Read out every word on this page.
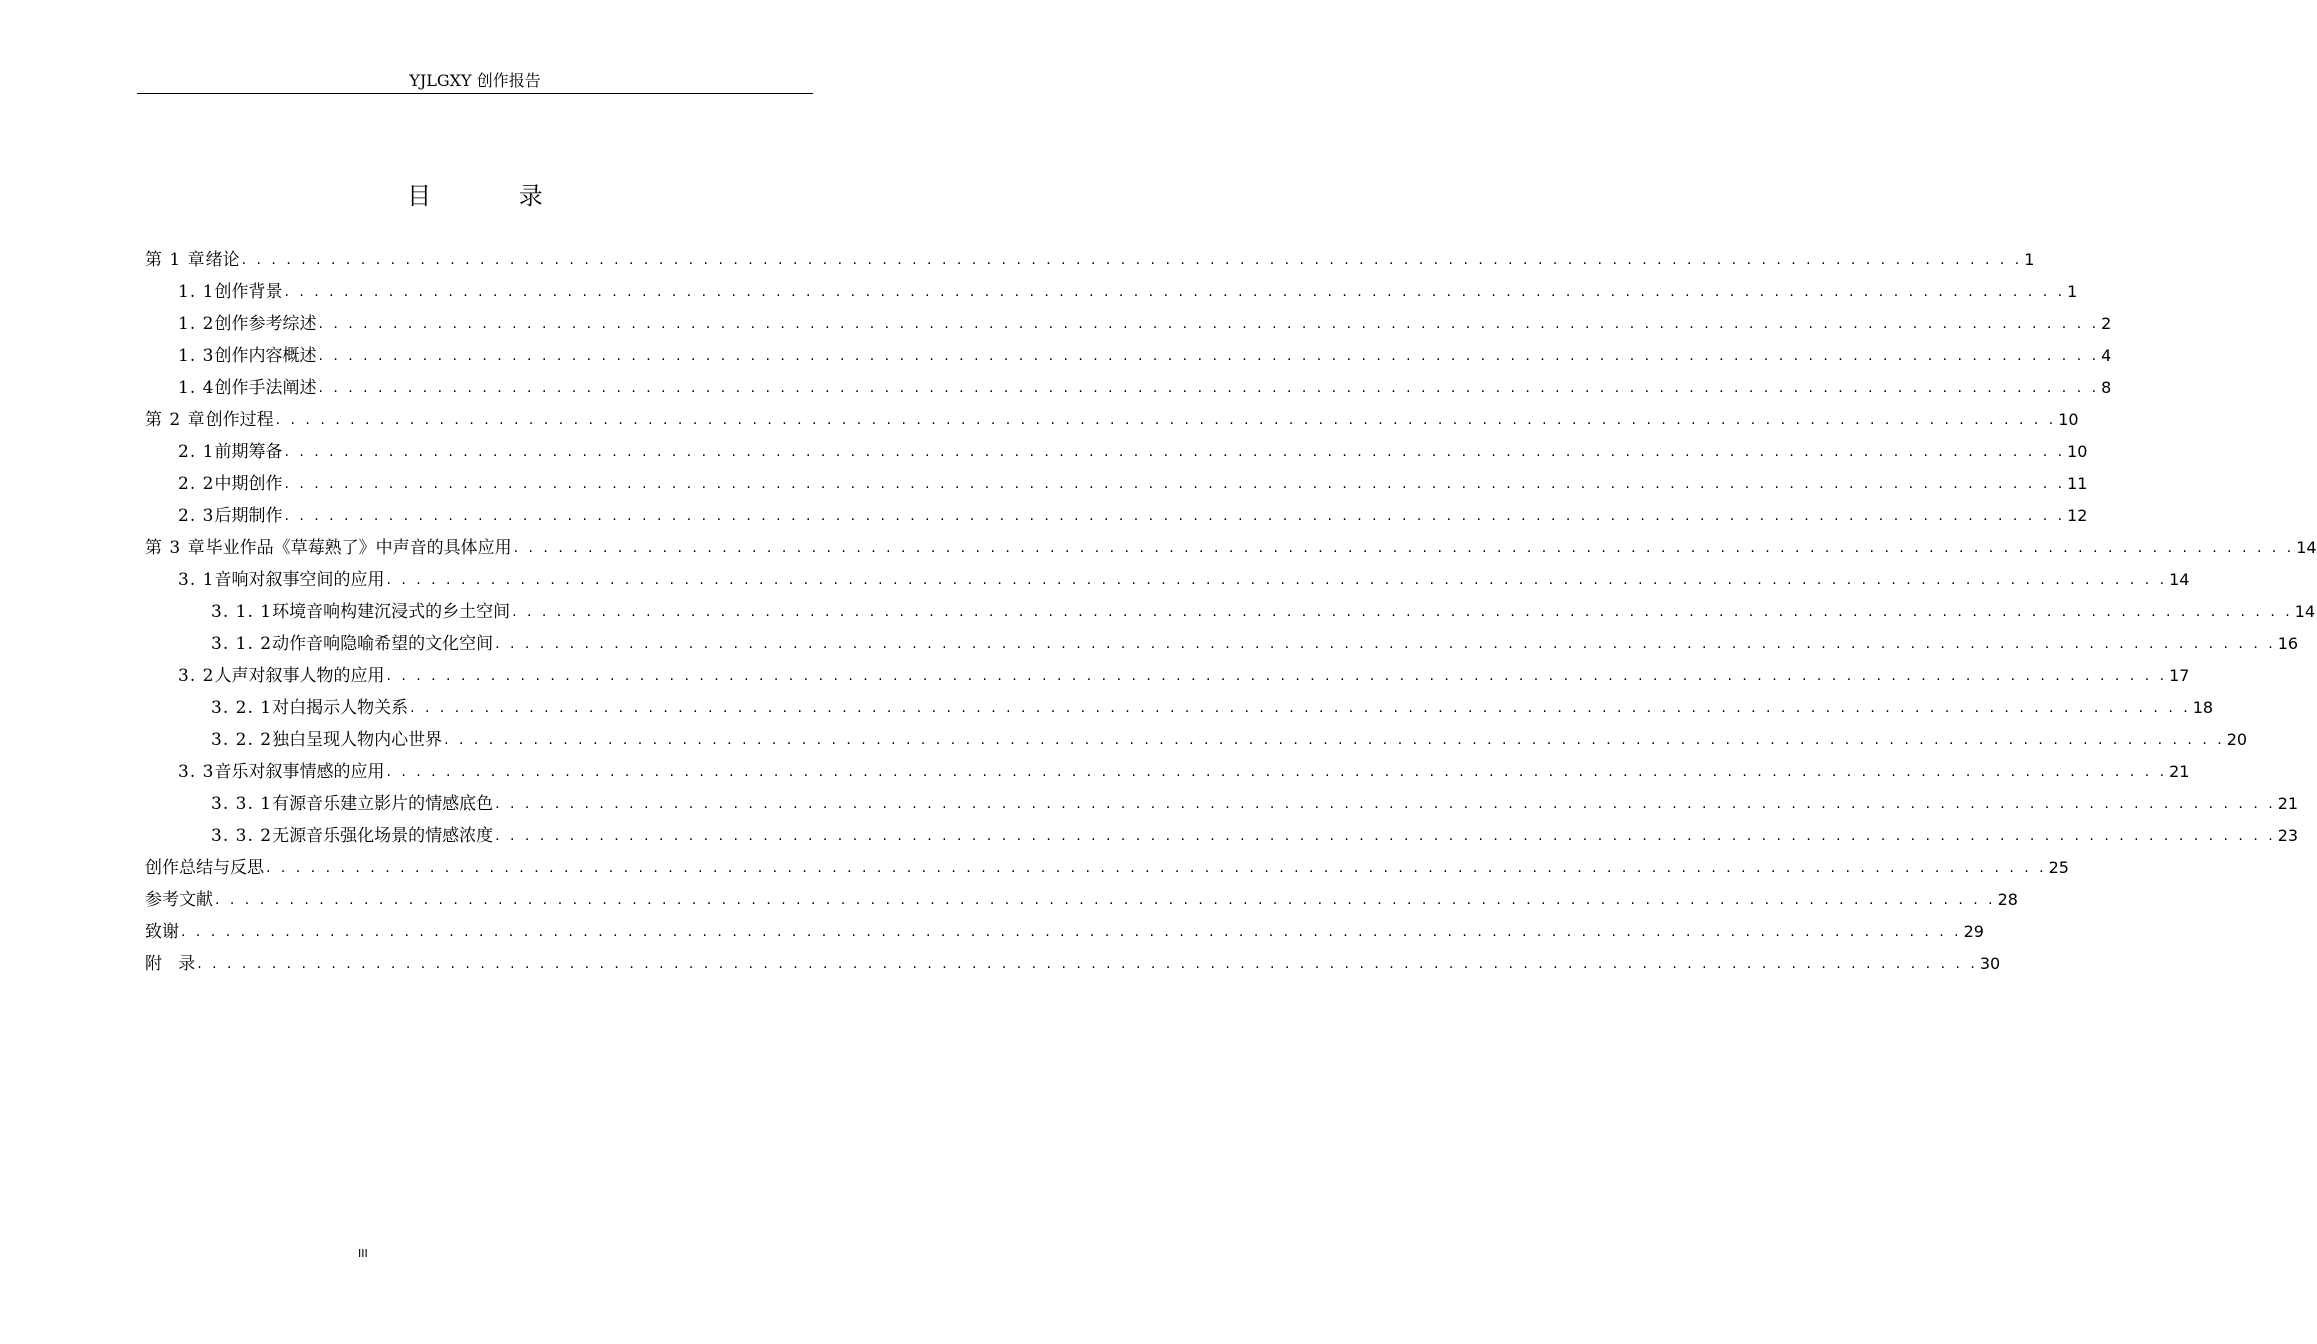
YJLGXY 创作报告
目 录
第 1 章 绪论 . . . . . . . . . . . . . . . . . . . . . . . . . . . . . . . . . . . . . . . . . . . . . . . . . . . . . . . . . . . . . . . . . . . . . . . . . . . . . . . . . . . . . . . . . . . . . . . . . . . . . . . . . . . . . . . . . . . . . . . . 1
1. 1 创作背景 . . . . . . . . . . . . . . . . . . . . . . . . . . . . . . . . . . . . . . . . . . . . . . . . . . . . . . . . . . . . . . . . . . . . . . . . . . . . . . . . . . . . . . . . . . . . . . . . . . . . . . . . . . . . . . . . . . . . . . . . 1
1. 2 创作参考综述 . . . . . . . . . . . . . . . . . . . . . . . . . . . . . . . . . . . . . . . . . . . . . . . . . . . . . . . . . . . . . . . . . . . . . . . . . . . . . . . . . . . . . . . . . . . . . . . . . . . . . . . . . . . . . . . . . . . . . . . . 2
1. 3 创作内容概述 . . . . . . . . . . . . . . . . . . . . . . . . . . . . . . . . . . . . . . . . . . . . . . . . . . . . . . . . . . . . . . . . . . . . . . . . . . . . . . . . . . . . . . . . . . . . . . . . . . . . . . . . . . . . . . . . . . . . . . . . 4
1. 4 创作手法阐述 . . . . . . . . . . . . . . . . . . . . . . . . . . . . . . . . . . . . . . . . . . . . . . . . . . . . . . . . . . . . . . . . . . . . . . . . . . . . . . . . . . . . . . . . . . . . . . . . . . . . . . . . . . . . . . . . . . . . . . . . 8
第 2 章 创作过程 . . . . . . . . . . . . . . . . . . . . . . . . . . . . . . . . . . . . . . . . . . . . . . . . . . . . . . . . . . . . . . . . . . . . . . . . . . . . . . . . . . . . . . . . . . . . . . . . . . . . . . . . . . . . . . . . . . . . . . . . 10
2. 1 前期筹备 . . . . . . . . . . . . . . . . . . . . . . . . . . . . . . . . . . . . . . . . . . . . . . . . . . . . . . . . . . . . . . . . . . . . . . . . . . . . . . . . . . . . . . . . . . . . . . . . . . . . . . . . . . . . . . . . . . . . . . . . 10
2. 2 中期创作 . . . . . . . . . . . . . . . . . . . . . . . . . . . . . . . . . . . . . . . . . . . . . . . . . . . . . . . . . . . . . . . . . . . . . . . . . . . . . . . . . . . . . . . . . . . . . . . . . . . . . . . . . . . . . . . . . . . . . . . . 11
2. 3 后期制作 . . . . . . . . . . . . . . . . . . . . . . . . . . . . . . . . . . . . . . . . . . . . . . . . . . . . . . . . . . . . . . . . . . . . . . . . . . . . . . . . . . . . . . . . . . . . . . . . . . . . . . . . . . . . . . . . . . . . . . . . 12
第 3 章 毕业作品《草莓熟了》中声音的具体应用 . . . . . . . . . . . . . . . . . . . . . . . . . . . . . . . . . . . . . . . . . . . . . . . . . . . . . . . . . . . . . . . . . . . . . . . . . . . . . . . . . . . . . . . . . . . . . . . . . . . . . . . . . . . . . . . . . . . . . . . . 14
3. 1 音响对叙事空间的应用 . . . . . . . . . . . . . . . . . . . . . . . . . . . . . . . . . . . . . . . . . . . . . . . . . . . . . . . . . . . . . . . . . . . . . . . . . . . . . . . . . . . . . . . . . . . . . . . . . . . . . . . . . . . . . . . . . . . . . . . . 14
3. 1. 1 环境音响构建沉浸式的乡土空间 . . . . . . . . . . . . . . . . . . . . . . . . . . . . . . . . . . . . . . . . . . . . . . . . . . . . . . . . . . . . . . . . . . . . . . . . . . . . . . . . . . . . . . . . . . . . . . . . . . . . . . . . . . . . . . . . . . . . . . . . 14
3. 1. 2 动作音响隐喻希望的文化空间 . . . . . . . . . . . . . . . . . . . . . . . . . . . . . . . . . . . . . . . . . . . . . . . . . . . . . . . . . . . . . . . . . . . . . . . . . . . . . . . . . . . . . . . . . . . . . . . . . . . . . . . . . . . . . . . . . . . . . . . . 16
3. 2 人声对叙事人物的应用 . . . . . . . . . . . . . . . . . . . . . . . . . . . . . . . . . . . . . . . . . . . . . . . . . . . . . . . . . . . . . . . . . . . . . . . . . . . . . . . . . . . . . . . . . . . . . . . . . . . . . . . . . . . . . . . . . . . . . . . . 17
3. 2. 1 对白揭示人物关系 . . . . . . . . . . . . . . . . . . . . . . . . . . . . . . . . . . . . . . . . . . . . . . . . . . . . . . . . . . . . . . . . . . . . . . . . . . . . . . . . . . . . . . . . . . . . . . . . . . . . . . . . . . . . . . . . . . . . . . . . 18
3. 2. 2 独白呈现人物内心世界 . . . . . . . . . . . . . . . . . . . . . . . . . . . . . . . . . . . . . . . . . . . . . . . . . . . . . . . . . . . . . . . . . . . . . . . . . . . . . . . . . . . . . . . . . . . . . . . . . . . . . . . . . . . . . . . . . . . . . . . . 20
3. 3 音乐对叙事情感的应用 . . . . . . . . . . . . . . . . . . . . . . . . . . . . . . . . . . . . . . . . . . . . . . . . . . . . . . . . . . . . . . . . . . . . . . . . . . . . . . . . . . . . . . . . . . . . . . . . . . . . . . . . . . . . . . . . . . . . . . . . 21
3. 3. 1 有源音乐建立影片的情感底色 . . . . . . . . . . . . . . . . . . . . . . . . . . . . . . . . . . . . . . . . . . . . . . . . . . . . . . . . . . . . . . . . . . . . . . . . . . . . . . . . . . . . . . . . . . . . . . . . . . . . . . . . . . . . . . . . . . . . . . . . 21
3. 3. 2 无源音乐强化场景的情感浓度 . . . . . . . . . . . . . . . . . . . . . . . . . . . . . . . . . . . . . . . . . . . . . . . . . . . . . . . . . . . . . . . . . . . . . . . . . . . . . . . . . . . . . . . . . . . . . . . . . . . . . . . . . . . . . . . . . . . . . . . . 23
创作总结与反思 . . . . . . . . . . . . . . . . . . . . . . . . . . . . . . . . . . . . . . . . . . . . . . . . . . . . . . . . . . . . . . . . . . . . . . . . . . . . . . . . . . . . . . . . . . . . . . . . . . . . . . . . . . . . . . . . . . . . . . . . 25
参考文献 . . . . . . . . . . . . . . . . . . . . . . . . . . . . . . . . . . . . . . . . . . . . . . . . . . . . . . . . . . . . . . . . . . . . . . . . . . . . . . . . . . . . . . . . . . . . . . . . . . . . . . . . . . . . . . . . . . . . . . . . 28
致谢 . . . . . . . . . . . . . . . . . . . . . . . . . . . . . . . . . . . . . . . . . . . . . . . . . . . . . . . . . . . . . . . . . . . . . . . . . . . . . . . . . . . . . . . . . . . . . . . . . . . . . . . . . . . . . . . . . . . . . . . . 29
附   录 . . . . . . . . . . . . . . . . . . . . . . . . . . . . . . . . . . . . . . . . . . . . . . . . . . . . . . . . . . . . . . . . . . . . . . . . . . . . . . . . . . . . . . . . . . . . . . . . . . . . . . . . . . . . . . . . . . . . . . . . 30
III
